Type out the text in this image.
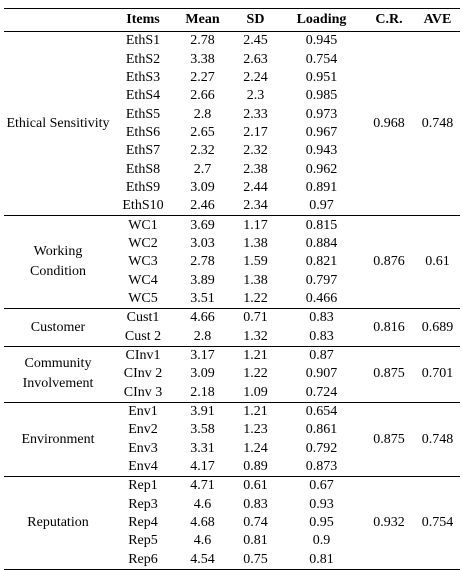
	Items	Mean	SD	Loading	C.R.	AVE
Ethical Sensitivity	EthS1	2.78	2.45	0.945	0.968	0.748
	EthS2	3.38	2.63	0.754		
	EthS3	2.27	2.24	0.951		
	EthS4	2.66	2.3	0.985		
	EthS5	2.8	2.33	0.973		
	EthS6	2.65	2.17	0.967		
	EthS7	2.32	2.32	0.943		
	EthS8	2.7	2.38	0.962		
	EthS9	3.09	2.44	0.891		
	EthS10	2.46	2.34	0.97		
Working Condition	WC1	3.69	1.17	0.815	0.876	0.61
	WC2	3.03	1.38	0.884		
	WC3	2.78	1.59	0.821		
	WC4	3.89	1.38	0.797		
	WC5	3.51	1.22	0.466		
Customer	Cust1	4.66	0.71	0.83	0.816	0.689
	Cust 2	2.8	1.32	0.83		
Community Involvement	CInv1	3.17	1.21	0.87	0.875	0.701
	CInv 2	3.09	1.22	0.907		
	CInv 3	2.18	1.09	0.724		
Environment	Env1	3.91	1.21	0.654	0.875	0.748
	Env2	3.58	1.23	0.861		
	Env3	3.31	1.24	0.792		
	Env4	4.17	0.89	0.873		
Reputation	Rep1	4.71	0.61	0.67	0.932	0.754
	Rep3	4.6	0.83	0.93		
	Rep4	4.68	0.74	0.95		
	Rep5	4.6	0.81	0.9		
	Rep6	4.54	0.75	0.81		
